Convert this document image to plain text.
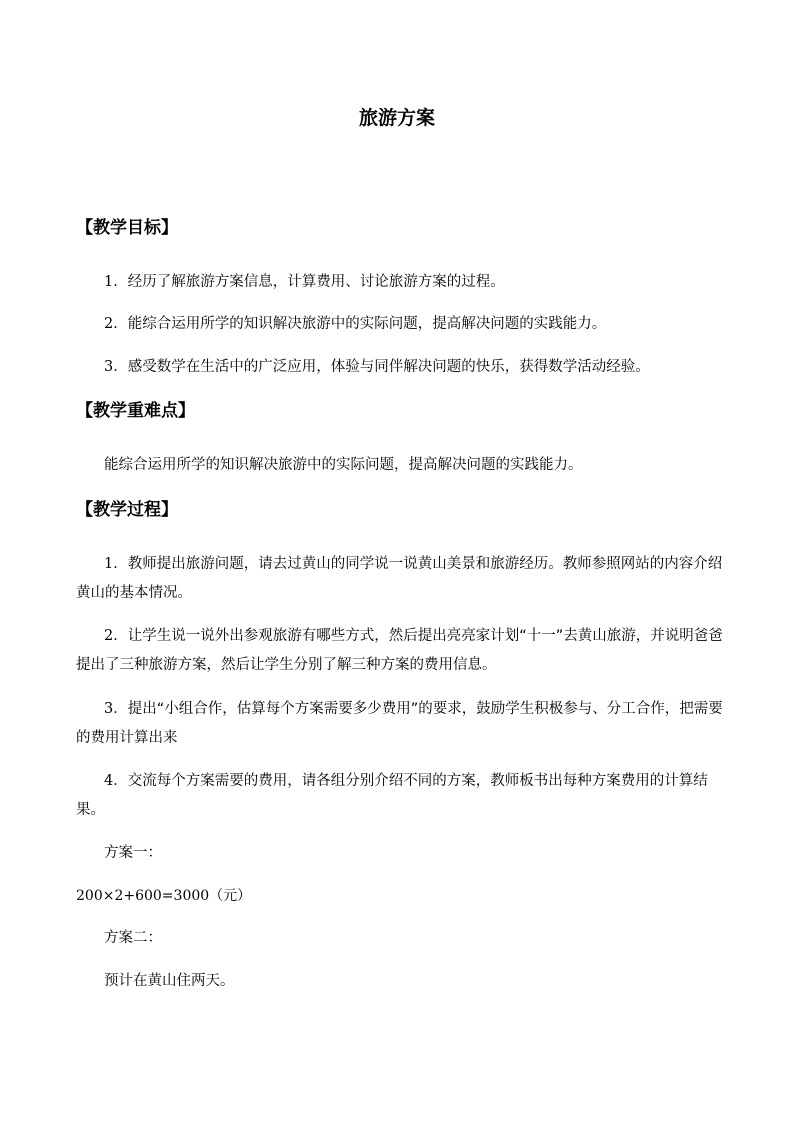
旅游方案
【教学目标】

1．经历了解旅游方案信息，计算费用、讨论旅游方案的过程。

2．能综合运用所学的知识解决旅游中的实际问题，提高解决问题的实践能力。

3．感受数学在生活中的广泛应用，体验与同伴解决问题的快乐，获得数学活动经验。

【教学重难点】

能综合运用所学的知识解决旅游中的实际问题，提高解决问题的实践能力。

【教学过程】

1．教师提出旅游问题，请去过黄山的同学说一说黄山美景和旅游经历。教师参照网站的内容介绍黄山的基本情况。

2．让学生说一说外出参观旅游有哪些方式，然后提出亮亮家计划“十一”去黄山旅游，并说明爸爸提出了三种旅游方案，然后让学生分别了解三种方案的费用信息。

3．提出“小组合作，估算每个方案需要多少费用”的要求，鼓励学生积极参与、分工合作，把需要的费用计算出来

4．交流每个方案需要的费用，请各组分别介绍不同的方案，教师板书出每种方案费用的计算结果。

方案一：

200×2+600=3000（元）

方案二：

预计在黄山住两天。
